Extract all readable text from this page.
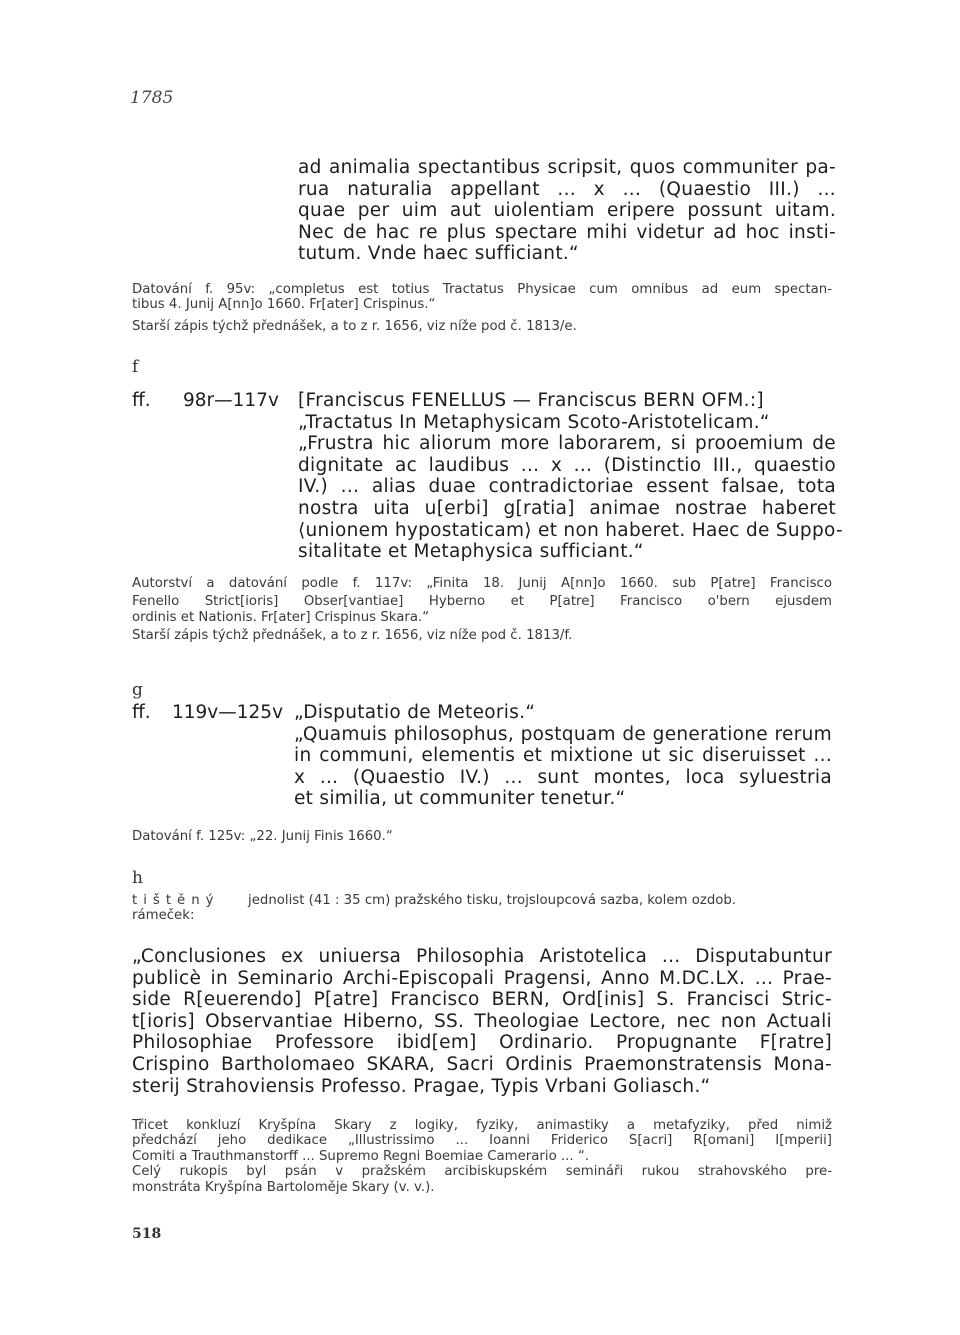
1785
ad animalia spectantibus scripsit, quos communiter pa-
rua naturalia appellant ... x ... (Quaestio III.) ...
quae per uim aut uiolentiam eripere possunt uitam.
Nec de hac re plus spectare mihi videtur ad hoc insti-
tutum. Vnde haec sufficiant.“
Datování f. 95v: „completus est totius Tractatus Physicae cum omnibus ad eum spectan-
tibus 4. Junij A[nn]o 1660. Fr[ater] Crispinus.“
Starší zápis týchž přednášek, a to z r. 1656, viz níže pod č. 1813/e.
f
ff. 98r—117v [Franciscus FENELLUS — Franciscus BERN OFM.:]
„Tractatus In Metaphysicam Scoto-Aristotelicam.“
„Frustra hic aliorum more laborarem, si prooemium de
dignitate ac laudibus ... x ... (Distinctio III., quaestio
IV.) ... alias duae contradictoriae essent falsae, tota
nostra uita u[erbi] g[ratia] animae nostrae haberet
⟨unionem hypostaticam⟩ et non haberet. Haec de Suppo-
sitalitate et Metaphysica sufficiant.“
Autorství a datování podle f. 117v: „Finita 18. Junij A[nn]o 1660. sub P[atre] Francisco
Fenello Strict[ioris] Obser[vantiae] Hyberno et P[atre] Francisco o'bern ejusdem
ordinis et Nationis. Fr[ater] Crispinus Skara.“
Starší zápis týchž přednášek, a to z r. 1656, viz níže pod č. 1813/f.
g
ff. 119v—125v „Disputatio de Meteoris.“
„Quamuis philosophus, postquam de generatione rerum
in communi, elementis et mixtione ut sic diseruisset ...
x ... (Quaestio IV.) ... sunt montes, loca syluestria
et similia, ut communiter tenetur.“
Datování f. 125v: „22. Junij Finis 1660.“
h
tištěný jednolist (41 : 35 cm) pražského tisku, trojsloupcová sazba, kolem ozdob.
rámeček:
„Conclusiones ex uniuersa Philosophia Aristotelica ... Disputabuntur
publicè in Seminario Archi-Episcopali Pragensi, Anno M.DC.LX. ... Prae-
side R[euerendo] P[atre] Francisco BERN, Ord[inis] S. Francisci Stric-
t[ioris] Observantiae Hiberno, SS. Theologiae Lectore, nec non Actuali
Philosophiae Professore ibid[em] Ordinario. Propugnante F[ratre]
Crispino Bartholomaeo SKARA, Sacri Ordinis Praemonstratensis Mona-
sterij Strahoviensis Professo. Pragae, Typis Vrbani Goliasch.“
Třicet konkluzí Kryšpína Skary z logiky, fyziky, animastiky a metafyziky, před nimiž
předchází jeho dedikace „Illustrissimo ... Ioanni Friderico S[acri] R[omani] I[mperii]
Comiti a Trauthmanstorff ... Supremo Regni Boemiae Camerario ... “.
Celý rukopis byl psán v pražském arcibiskupském semináři rukou strahovského pre-
monstráta Kryšpína Bartoloměje Skary (v. v.).
518
